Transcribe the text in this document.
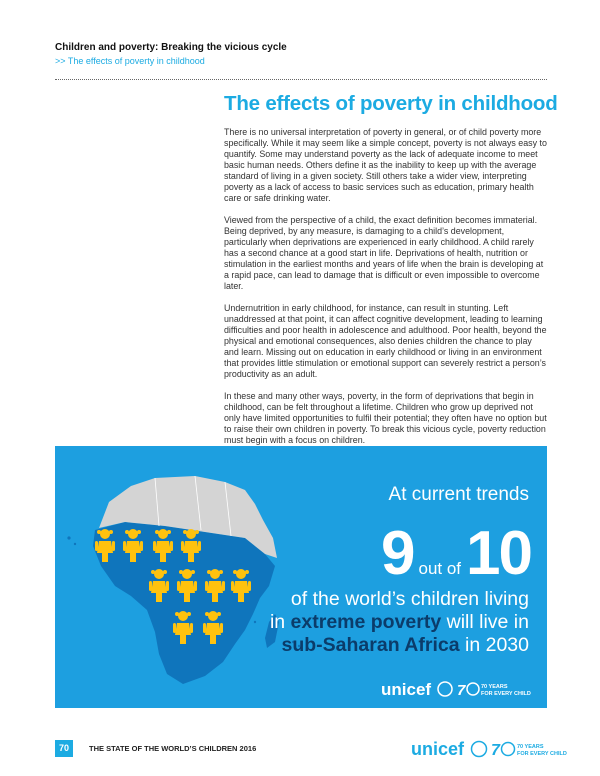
Children and poverty: Breaking the vicious cycle

>> The effects of poverty in childhood

The effects of poverty in childhood

There is no universal interpretation of poverty in general, or of child poverty more specifically. While it may seem like a simple concept, poverty is not always easy to quantify. Some may understand poverty as the lack of adequate income to meet basic human needs. Others define it as the inability to keep up with the average standard of living in a given society. Still others take a wider view, interpreting poverty as a lack of access to basic services such as education, primary health care or safe drinking water.

Viewed from the perspective of a child, the exact definition becomes immaterial. Being deprived, by any measure, is damaging to a child’s development, particularly when deprivations are experienced in early childhood. A child rarely has a second chance at a good start in life. Deprivations of health, nutrition or stimulation in the earliest months and years of life when the brain is developing at a rapid pace, can lead to damage that is difficult or even impossible to overcome later.

Undernutrition in early childhood, for instance, can result in stunting. Left unaddressed at that point, it can affect cognitive development, leading to learning difficulties and poor health in adolescence and adulthood. Poor health, beyond the physical and emotional consequences, also denies children the chance to play and learn. Missing out on education in early childhood or living in an environment that provides little stimulation or emotional support can severely restrict a person’s productivity as an adult.

In these and many other ways, poverty, in the form of deprivations that begin in childhood, can be felt throughout a lifetime. Children who grow up deprived not only have limited opportunities to fulfil their potential; they often have no option but to raise their own children in poverty. To break this vicious cycle, poverty reduction must begin with a focus on children.

At current trends
9 out of10
of the world’s children living
in extreme poverty will live in
sub-Saharan Africa in 2030
unicef 7	70 YEARS
FOR EVERY CHILD
70	THE STATE OF THE WORLD’S CHILDREN 2016	unicef 7	70 YEARS
FOR EVERY CHILD
